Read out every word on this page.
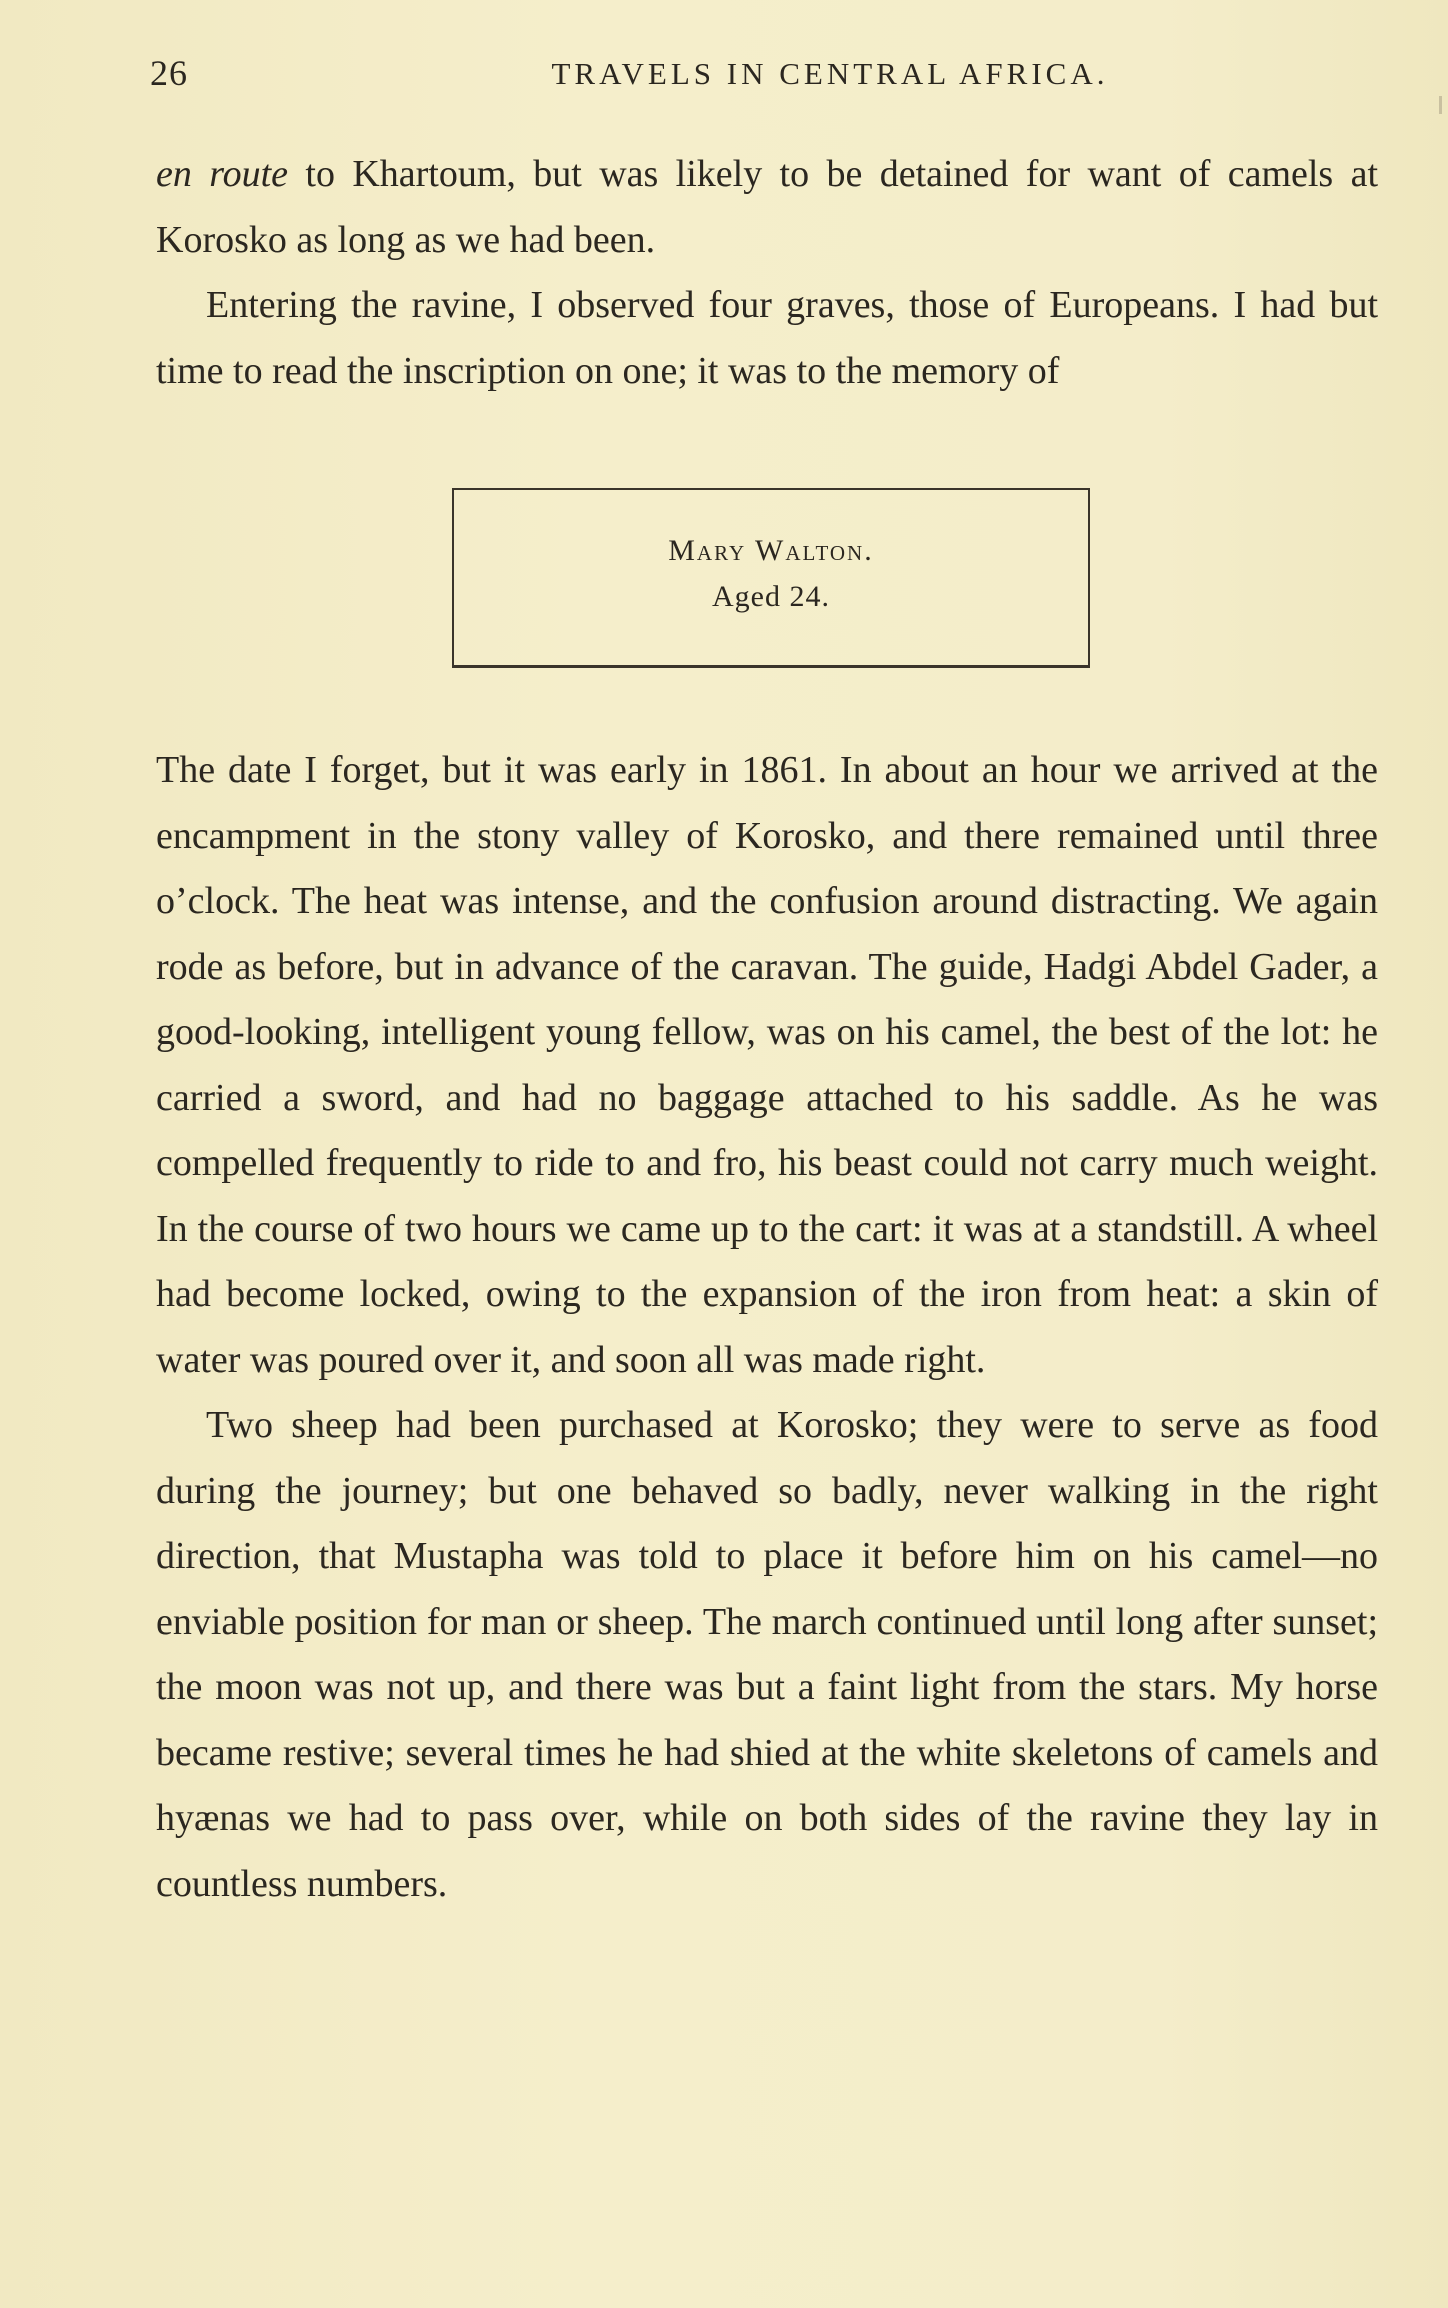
26	TRAVELS IN CENTRAL AFRICA.

en route to Khartoum, but was likely to be detained for want of camels at Korosko as long as we had been.

Entering the ravine, I observed four graves, those of Europeans. I had but time to read the inscription on one; it was to the memory of

Mary Walton.
Aged 24.

The date I forget, but it was early in 1861. In about an hour we arrived at the encampment in the stony valley of Korosko, and there remained until three o’clock. The heat was intense, and the confusion around distracting. We again rode as before, but in advance of the caravan. The guide, Hadgi Abdel Gader, a good-looking, intelligent young fellow, was on his camel, the best of the lot: he carried a sword, and had no baggage attached to his saddle. As he was compelled frequently to ride to and fro, his beast could not carry much weight. In the course of two hours we came up to the cart: it was at a standstill. A wheel had become locked, owing to the expansion of the iron from heat: a skin of water was poured over it, and soon all was made right.

Two sheep had been purchased at Korosko; they were to serve as food during the journey; but one behaved so badly, never walking in the right direction, that Mustapha was told to place it before him on his camel—no enviable position for man or sheep. The march continued until long after sunset; the moon was not up, and there was but a faint light from the stars. My horse became restive; several times he had shied at the white skeletons of camels and hyænas we had to pass over, while on both sides of the ravine they lay in countless numbers.
